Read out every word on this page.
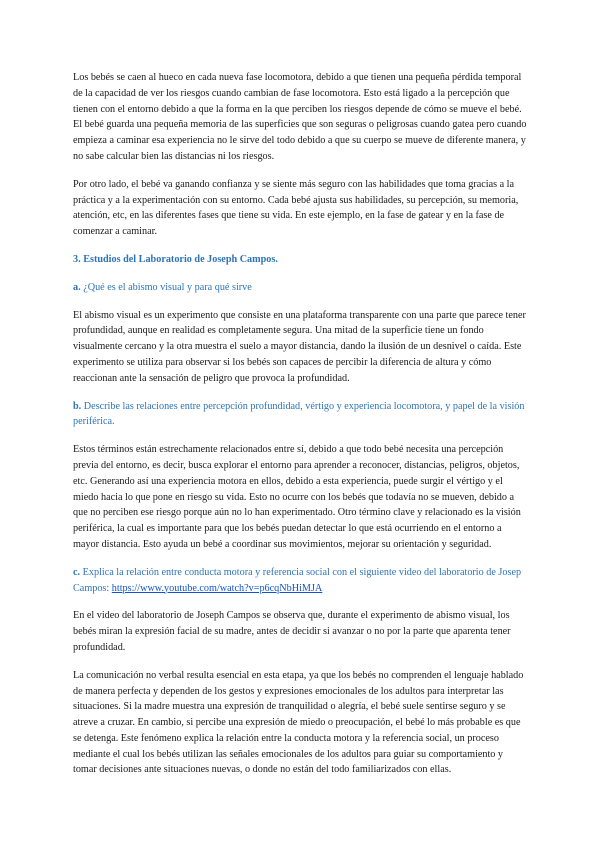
Los bebés se caen al hueco en cada nueva fase locomotora, debido a que tienen una pequeña pérdida temporal de la capacidad de ver los riesgos cuando cambian de fase locomotora. Esto está ligado a la percepción que tienen con el entorno debido a que la forma en la que perciben los riesgos depende de cómo se mueve el bebé. El bebé guarda una pequeña memoria de las superficies que son seguras o peligrosas cuando gatea pero cuando empieza a caminar esa experiencia no le sirve del todo debido a que su cuerpo se mueve de diferente manera, y no sabe calcular bien las distancias ni los riesgos.

Por otro lado, el bebé va ganando confianza y se siente más seguro con las habilidades que toma gracias a la práctica y a la experimentación con su entorno. Cada bebé ajusta sus habilidades, su percepción, su memoria, atención, etc, en las diferentes fases que tiene su vida. En este ejemplo, en la fase de gatear y en la fase de comenzar a caminar.

3. Estudios del Laboratorio de Joseph Campos.
a. ¿Qué es el abismo visual y para qué sirve

El abismo visual es un experimento que consiste en una plataforma transparente con una parte que parece tener profundidad, aunque en realidad es completamente segura. Una mitad de la superficie tiene un fondo visualmente cercano y la otra muestra el suelo a mayor distancia, dando la ilusión de un desnivel o caída. Este experimento se utiliza para observar si los bebés son capaces de percibir la diferencia de altura y cómo reaccionan ante la sensación de peligro que provoca la profundidad.

b. Describe las relaciones entre percepción profundidad, vértigo y experiencia locomotora, y papel de la visión periférica.

Estos términos están estrechamente relacionados entre sí, debido a que todo bebé necesita una percepción previa del entorno, es decir, busca explorar el entorno para aprender a reconocer, distancias, peligros, objetos, etc. Generando así una experiencia motora en ellos, debido a esta experiencia, puede surgir el vértigo y el miedo hacia lo que pone en riesgo su vida. Esto no ocurre con los bebés que todavía no se mueven, debido a que no perciben ese riesgo porque aún no lo han experimentado. Otro término clave y relacionado es la visión periférica, la cual es importante para que los bebés puedan detectar lo que está ocurriendo en el entorno a mayor distancia. Esto ayuda un bebé a coordinar sus movimientos, mejorar su orientación y seguridad.

c. Explica la relación entre conducta motora y referencia social con el siguiente video del laboratorio de Josep Campos: https://www.youtube.com/watch?v=p6cqNbHiMJA

En el video del laboratorio de Joseph Campos se observa que, durante el experimento de abismo visual, los bebés miran la expresión facial de su madre, antes de decidir si avanzar o no por la parte que aparenta tener profundidad.

La comunicación no verbal resulta esencial en esta etapa, ya que los bebés no comprenden el lenguaje hablado de manera perfecta y dependen de los gestos y expresiones emocionales de los adultos para interpretar las situaciones. Si la madre muestra una expresión de tranquilidad o alegría, el bebé suele sentirse seguro y se atreve a cruzar. En cambio, si percibe una expresión de miedo o preocupación, el bebé lo más probable es que se detenga. Este fenómeno explica la relación entre la conducta motora y la referencia social, un proceso mediante el cual los bebés utilizan las señales emocionales de los adultos para guiar su comportamiento y tomar decisiones ante situaciones nuevas, o donde no están del todo familiarizados con ellas.
